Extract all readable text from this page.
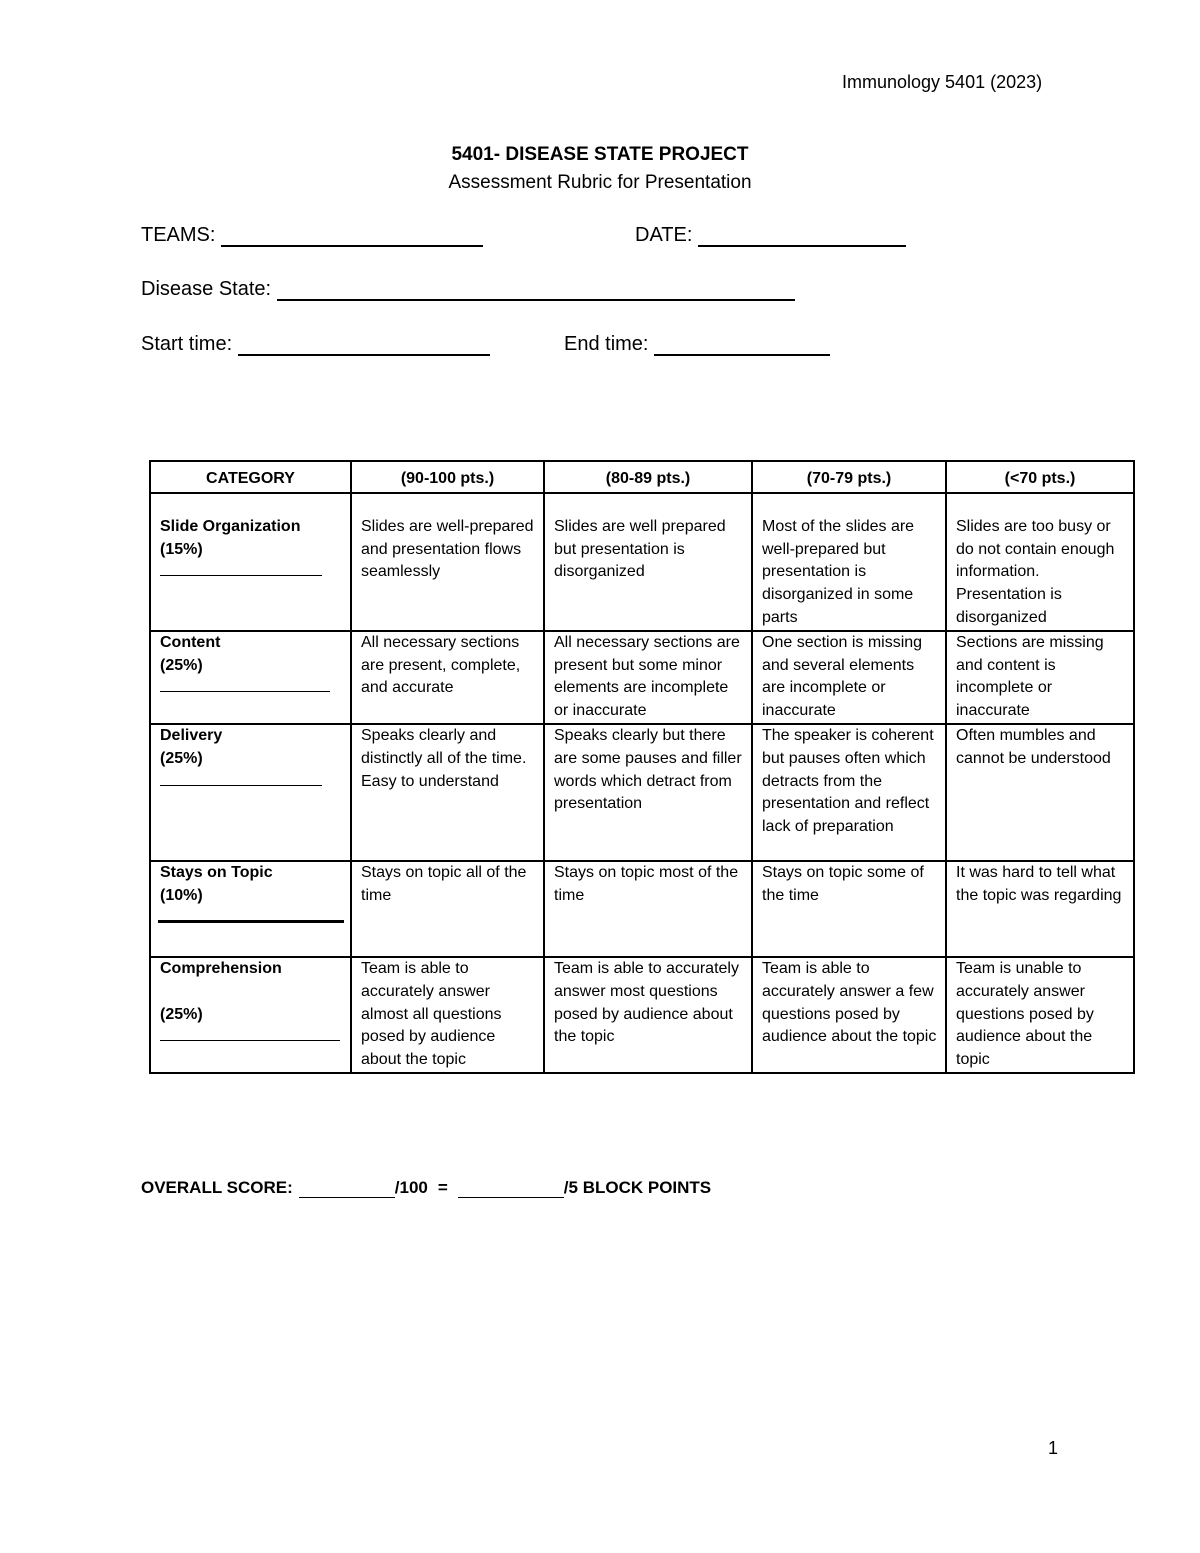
Immunology 5401 (2023)
5401- DISEASE STATE PROJECT
Assessment Rubric for Presentation
TEAMS:	DATE:
Disease State:
Start time:	End time:
CATEGORY	(90-100 pts.)	(80-89 pts.)	(70-79 pts.)	(<70 pts.)

Slide Organization
(15%)	Slides are well-prepared and presentation flows seamlessly	Slides are well prepared but presentation is disorganized	Most of the slides are well-prepared but presentation is disorganized in some parts	Slides are too busy or do not contain enough information. Presentation is disorganized

Content
(25%)	All necessary sections are present, complete, and accurate	All necessary sections are present but some minor elements are incomplete or inaccurate	One section is missing and several elements are incomplete or inaccurate	Sections are missing and content is incomplete or inaccurate

Delivery
(25%)	Speaks clearly and distinctly all of the time. Easy to understand	Speaks clearly but there are some pauses and filler words which detract from presentation	The speaker is coherent but pauses often which detracts from the presentation and reflect lack of preparation	Often mumbles and cannot be understood

Stays on Topic
(10%)	Stays on topic all of the time	Stays on topic most of the time	Stays on topic some of the time	It was hard to tell what the topic was regarding

Comprehension
(25%)	Team is able to accurately answer almost all questions posed by audience about the topic	Team is able to accurately answer most questions posed by audience about the topic	Team is able to accurately answer a few questions posed by audience about the topic	Team is unable to accurately answer questions posed by audience about the topic
OVERALL SCORE:	/100 =	/5 BLOCK POINTS
1
